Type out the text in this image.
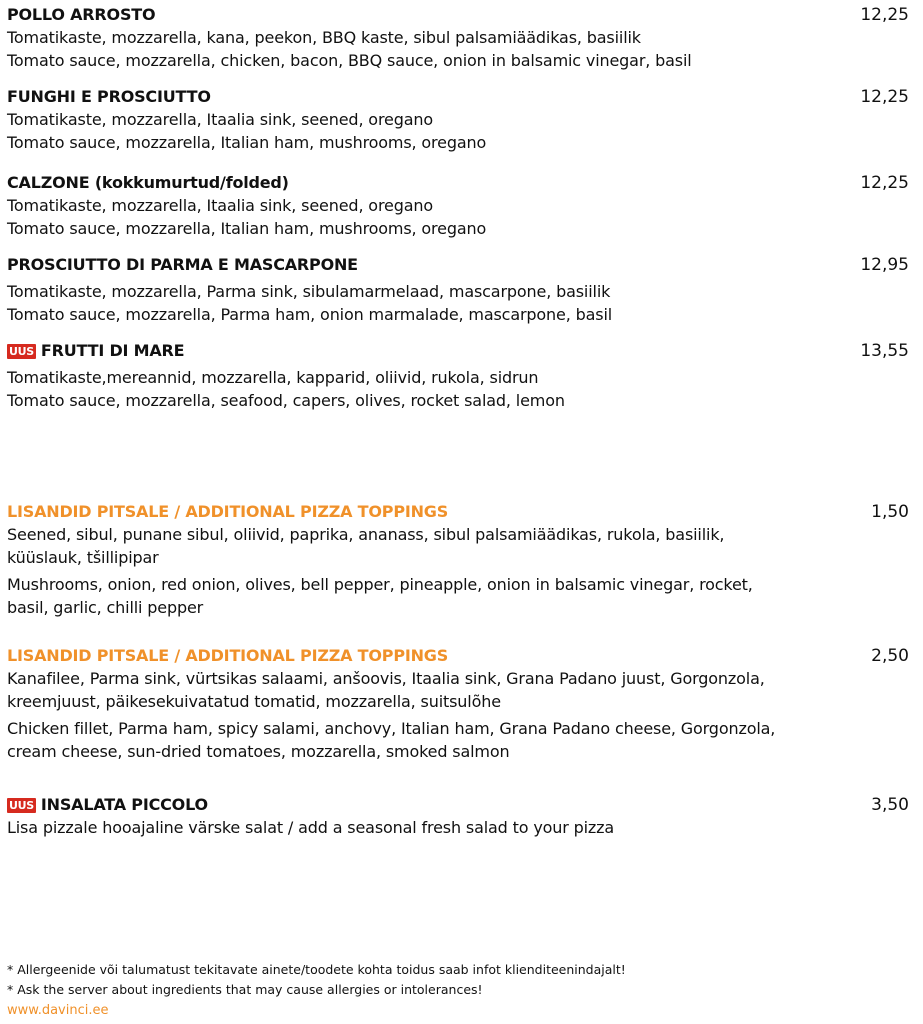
POLLO ARROSTO	12,25
Tomatikaste, mozzarella, kana, peekon, BBQ kaste, sibul palsamiäädikas, basiilik
Tomato sauce, mozzarella, chicken, bacon, BBQ sauce, onion in balsamic vinegar, basil
FUNGHI E PROSCIUTTO	12,25
Tomatikaste, mozzarella, Itaalia sink, seened, oregano
Tomato sauce, mozzarella, Italian ham, mushrooms, oregano
CALZONE (kokkumurtud/folded)	12,25
Tomatikaste, mozzarella, Itaalia sink, seened, oregano
Tomato sauce, mozzarella, Italian ham, mushrooms, oregano
PROSCIUTTO DI PARMA E MASCARPONE	12,95
Tomatikaste, mozzarella, Parma sink, sibulamarmelaad, mascarpone, basiilik
Tomato sauce, mozzarella, Parma ham, onion marmalade, mascarpone, basil
UUS FRUTTI DI MARE	13,55
Tomatikaste,mereannid, mozzarella, kapparid, oliivid, rukola, sidrun
Tomato sauce, mozzarella, seafood, capers, olives, rocket salad, lemon
LISANDID PITSALE / ADDITIONAL PIZZA TOPPINGS	1,50
Seened, sibul, punane sibul, oliivid, paprika, ananass, sibul palsamiäädikas, rukola, basiilik,
küüslauk, tšillipipar
Mushrooms, onion, red onion, olives, bell pepper, pineapple, onion in balsamic vinegar, rocket,
basil, garlic, chilli pepper
LISANDID PITSALE / ADDITIONAL PIZZA TOPPINGS	2,50
Kanafilee, Parma sink, vürtsikas salaami, anšoovis, Itaalia sink, Grana Padano juust, Gorgonzola,
kreemjuust, päikesekuivatatud tomatid, mozzarella, suitsulõhe
Chicken fillet, Parma ham, spicy salami, anchovy, Italian ham, Grana Padano cheese, Gorgonzola,
cream cheese, sun-dried tomatoes, mozzarella, smoked salmon
UUS INSALATA PICCOLO	3,50
Lisa pizzale hooajaline värske salat / add a seasonal fresh salad to your pizza
* Allergeenide või talumatust tekitavate ainete/toodete kohta toidus saab infot klienditeenindajalt!
* Ask the server about ingredients that may cause allergies or intolerances!
www.davinci.ee
